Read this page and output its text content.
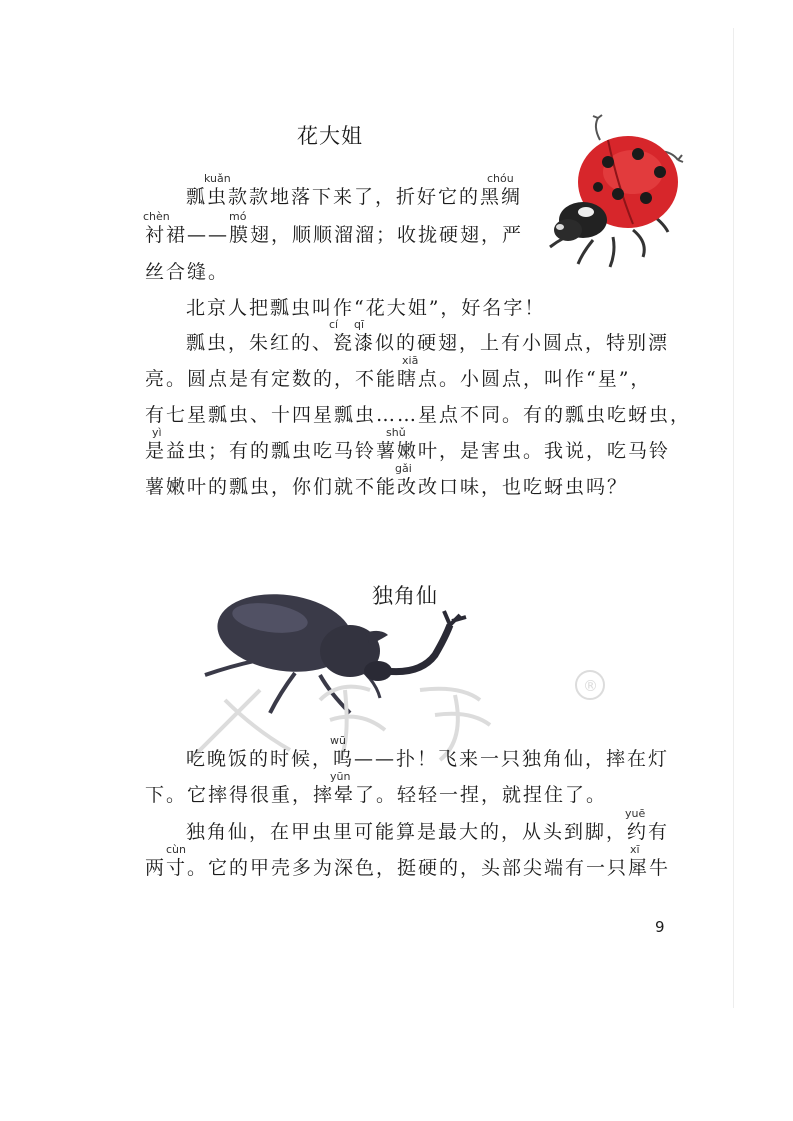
花大姐
kuǎn	chóu
瓢虫款款地落下来了，折好它的黑绸
chèn	mó
衬裙——膜翅，顺顺溜溜；收拢硬翅，严
丝合缝。
北京人把瓢虫叫作“花大姐”，好名字！
cí qī
瓢虫，朱红的、瓷漆似的硬翅，上有小圆点，特别漂
xiā
亮。圆点是有定数的，不能瞎点。小圆点，叫作“星”，
有七星瓢虫、十四星瓢虫……星点不同。有的瓢虫吃蚜虫，
yì	shǔ
是益虫；有的瓢虫吃马铃薯嫩叶，是害虫。我说，吃马铃
gǎi
薯嫩叶的瓢虫，你们就不能改改口味，也吃蚜虫吗？
独角仙
®
wū
吃晚饭的时候，呜——扑！飞来一只独角仙，摔在灯
yūn
下。它摔得很重，摔晕了。轻轻一捏，就捏住了。
yuē
独角仙，在甲虫里可能算是最大的，从头到脚，约有
cùn	xī
两寸。它的甲壳多为深色，挺硬的，头部尖端有一只犀牛
9
